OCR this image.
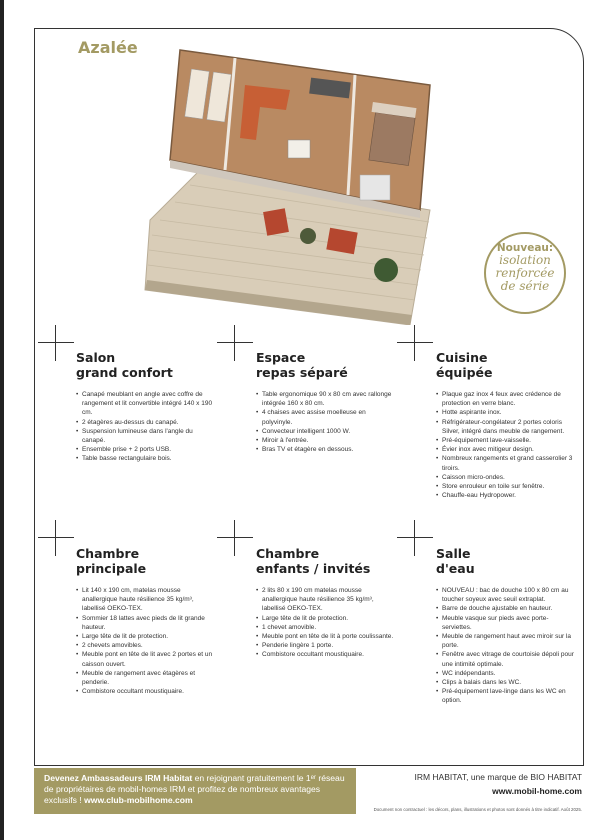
Azalée
Nouveau:
isolation
renforcée
de série
Salon
grand confort
• Canapé meublant en angle avec coffre de rangement et lit convertible intégré 140 x 190 cm.
• 2 étagères au-dessus du canapé.
• Suspension lumineuse dans l'angle du canapé.
• Ensemble prise + 2 ports USB.
• Table basse rectangulaire bois.
Espace
repas séparé
• Table ergonomique 90 x 80 cm avec rallonge intégrée 160 x 80 cm.
• 4 chaises avec assise moelleuse en polyvinyle.
• Convecteur intelligent 1000 W.
• Miroir à l'entrée.
• Bras TV et étagère en dessous.
Cuisine
équipée
• Plaque gaz inox 4 feux avec crédence de protection en verre blanc.
• Hotte aspirante inox.
• Réfrigérateur-congélateur 2 portes coloris Silver, intégré dans meuble de rangement.
• Pré-équipement lave-vaisselle.
• Évier inox avec mitigeur design.
• Nombreux rangements et grand casserolier 3 tiroirs.
• Caisson micro-ondes.
• Store enrouleur en toile sur fenêtre.
• Chauffe-eau Hydropower.
Chambre
principale
• Lit 140 x 190 cm, matelas mousse anallergique haute résilience 35 kg/m³, labellisé OEKO-TEX.
• Sommier 18 lattes avec pieds de lit grande hauteur.
• Large tête de lit de protection.
• 2 chevets amovibles.
• Meuble pont en tête de lit avec 2 portes et un caisson ouvert.
• Meuble de rangement avec étagères et penderie.
• Combistore occultant moustiquaire.
Chambre
enfants / invités
• 2 lits 80 x 190 cm matelas mousse anallergique haute résilience 35 kg/m³, labellisé OEKO-TEX.
• Large tête de lit de protection.
• 1 chevet amovible.
• Meuble pont en tête de lit à porte coulissante.
• Penderie lingère 1 porte.
• Combistore occultant moustiquaire.
Salle
d'eau
• NOUVEAU : bac de douche 100 x 80 cm au toucher soyeux avec seuil extraplat.
• Barre de douche ajustable en hauteur.
• Meuble vasque sur pieds avec porte-serviettes.
• Meuble de rangement haut avec miroir sur la porte.
• Fenêtre avec vitrage de courtoisie dépoli pour une intimité optimale.
• WC indépendants.
• Clips à balais dans les WC.
• Pré-équipement lave-linge dans les WC en option.
Devenez Ambassadeurs IRM Habitat en rejoignant gratuitement le 1ᵉʳ réseau de propriétaires de mobil-homes IRM et profitez de nombreux avantages exclusifs ! www.club-mobilhome.com
IRM HABITAT, une marque de BIO HABITAT
www.mobil-home.com
Document non contractuel : les décors, plans, illustrations et photos sont donnés à titre indicatif. Août 2025.
